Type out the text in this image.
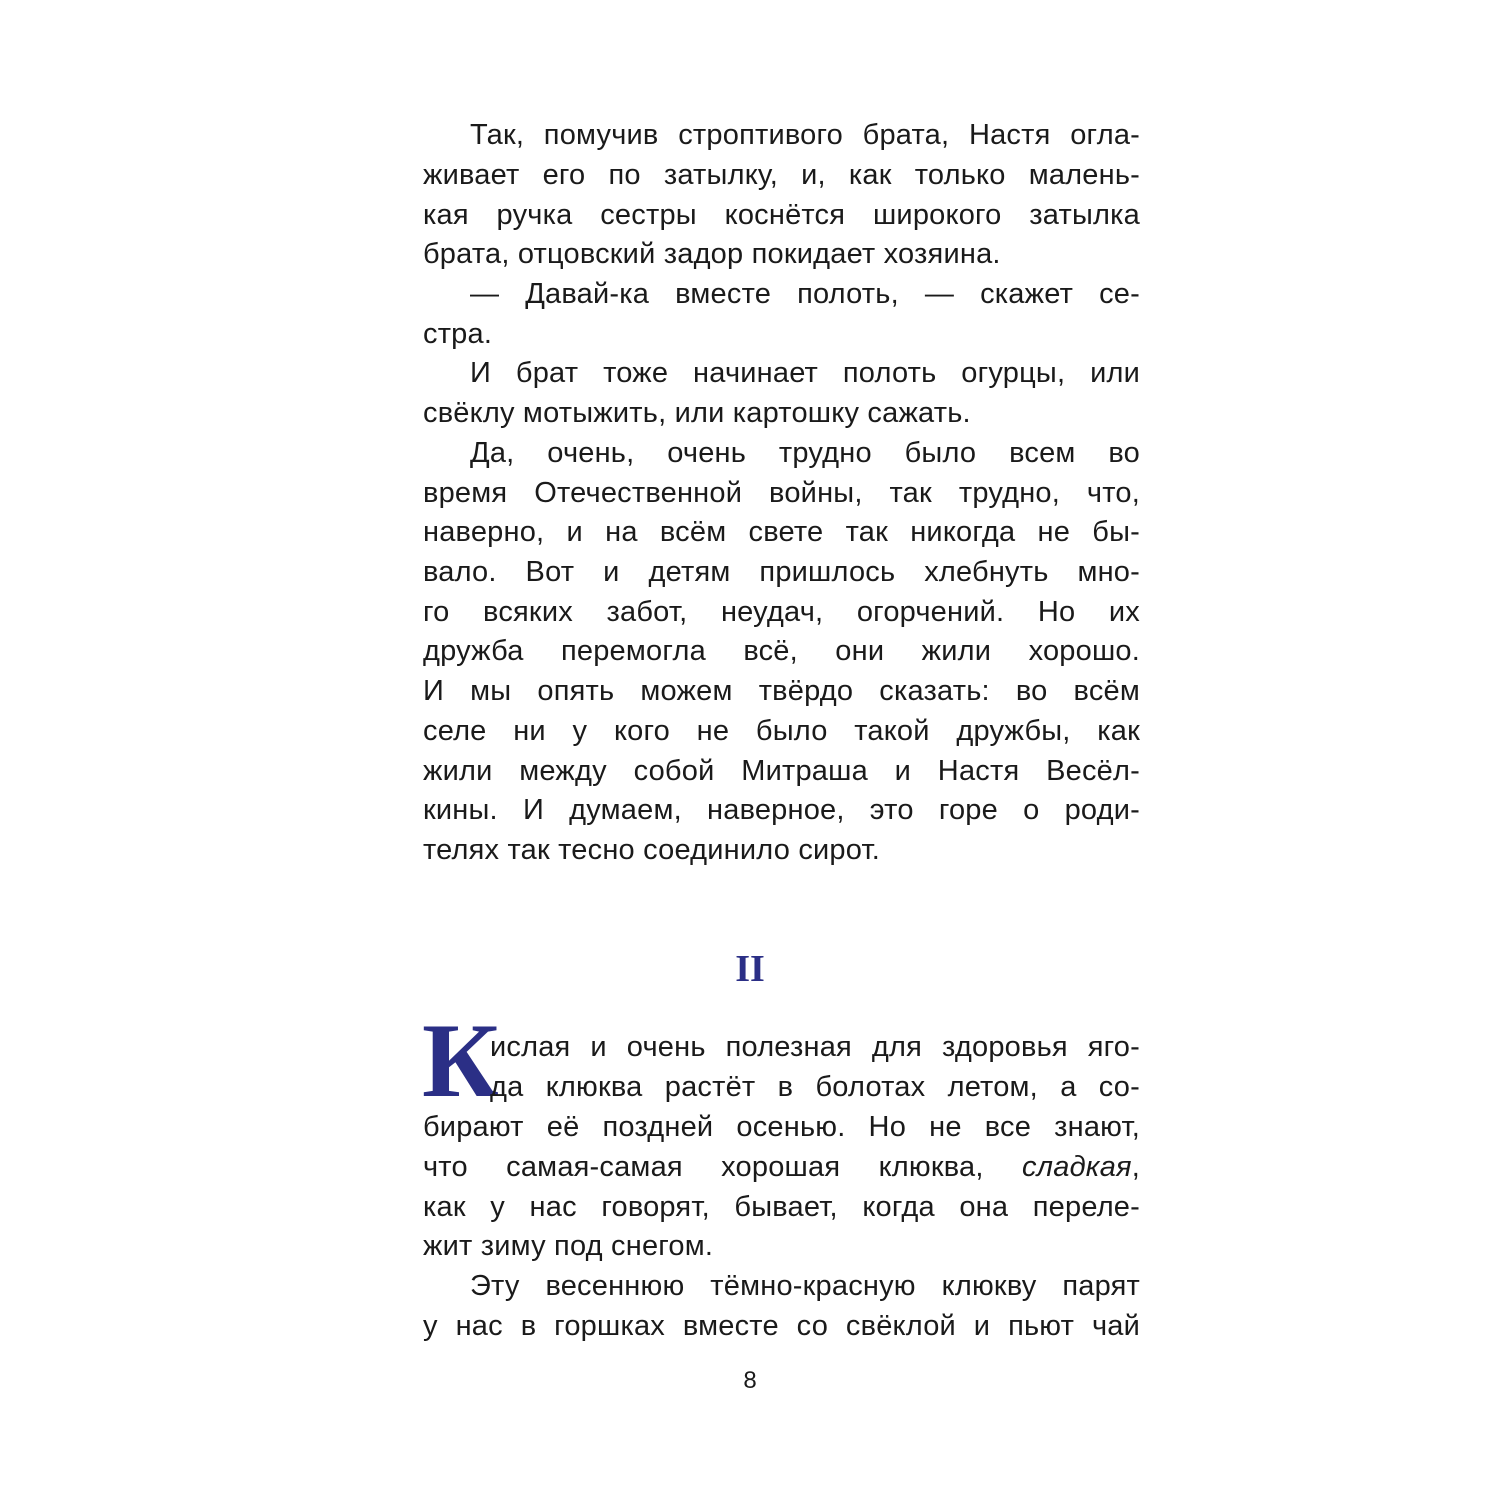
Так, помучив строптивого брата, Настя огла-
живает его по затылку, и, как только малень-
кая ручка сестры коснётся широкого затылка
брата, отцовский задор покидает хозяина.
— Давай-ка вместе полоть, — скажет се-
стра.
И брат тоже начинает полоть огурцы, или
свёклу мотыжить, или картошку сажать.
Да, очень, очень трудно было всем во
время Отечественной войны, так трудно, что,
наверно, и на всём свете так никогда не бы-
вало. Вот и детям пришлось хлебнуть мно-
го всяких забот, неудач, огорчений. Но их
дружба перемогла всё, они жили хорошо.
И мы опять можем твёрдо сказать: во всём
селе ни у кого не было такой дружбы, как
жили между собой Митраша и Настя Весёл-
кины. И думаем, наверное, это горе о роди-
телях так тесно соединило сирот.
II
К
ислая и очень полезная для здоровья яго-
да клюква растёт в болотах летом, а со-
бирают её поздней осенью. Но не все знают,
что самая-самая хорошая клюква, сладкая,
как у нас говорят, бывает, когда она переле-
жит зиму под снегом.
Эту весеннюю тёмно-красную клюкву парят
у нас в горшках вместе со свёклой и пьют чай
8
